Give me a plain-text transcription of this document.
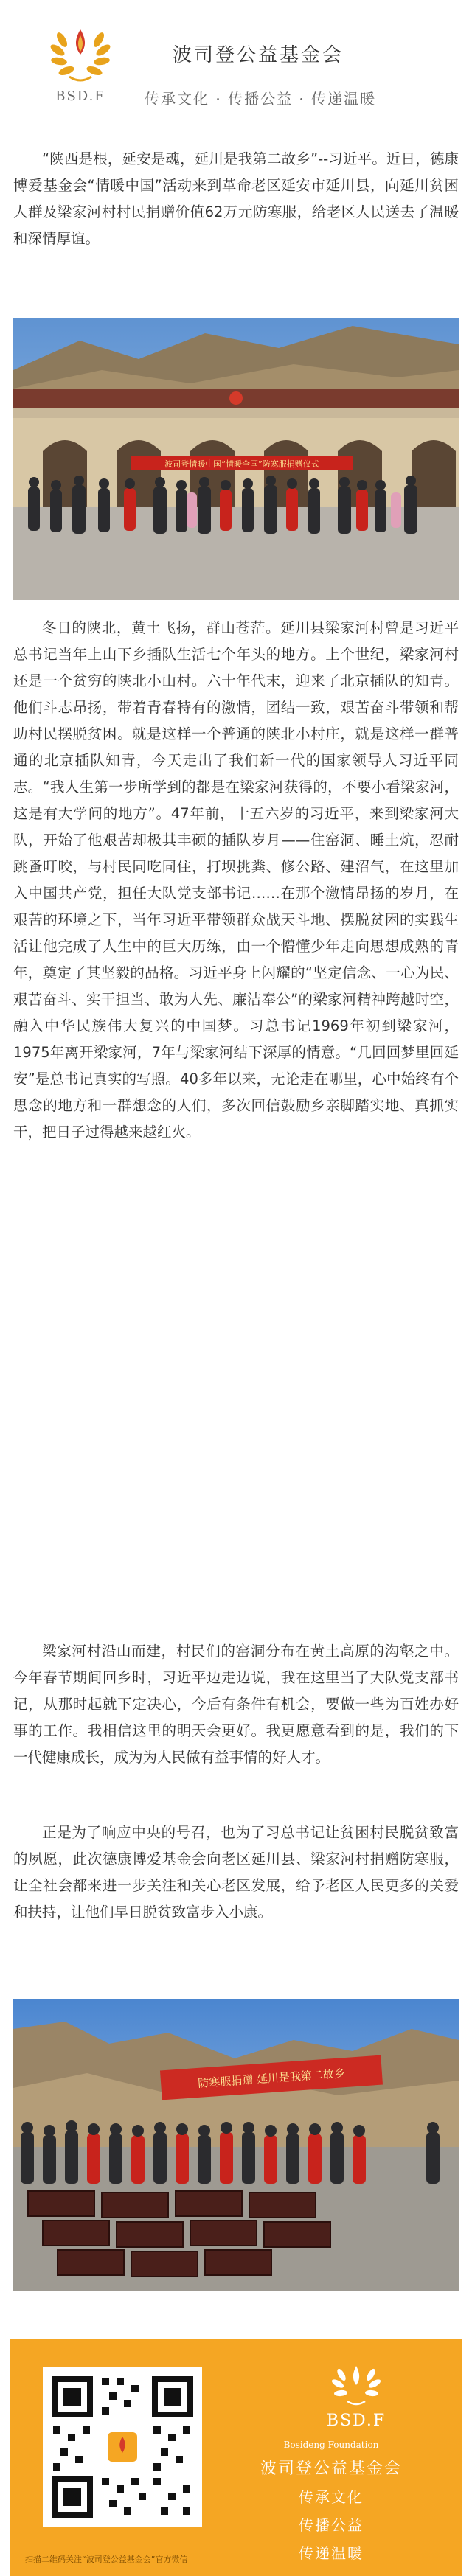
BSD.F
波司登公益基金会
传承文化 · 传播公益 · 传递温暖
“陕西是根，延安是魂，延川是我第二故乡”--习近平。近日，德康博爱基金会“情暖中国”活动来到革命老区延安市延川县，向延川贫困人群及梁家河村村民捐赠价值62万元防寒服，给老区人民送去了温暖和深情厚谊。
波司登情暖中国“情暖全国”防寒服捐赠仪式
冬日的陕北，黄土飞扬，群山苍茫。延川县梁家河村曾是习近平总书记当年上山下乡插队生活七个年头的地方。上个世纪，梁家河村还是一个贫穷的陕北小山村。六十年代末，迎来了北京插队的知青。他们斗志昂扬，带着青春特有的激情，团结一致，艰苦奋斗带领和帮助村民摆脱贫困。就是这样一个普通的陕北小村庄，就是这样一群普通的北京插队知青，今天走出了我们新一代的国家领导人习近平同志。“我人生第一步所学到的都是在梁家河获得的，不要小看梁家河，这是有大学问的地方”。47年前，十五六岁的习近平，来到梁家河大队，开始了他艰苦却极其丰硕的插队岁月——住窑洞、睡土炕，忍耐跳蚤叮咬，与村民同吃同住，打坝挑粪、修公路、建沼气，在这里加入中国共产党，担任大队党支部书记……在那个激情昂扬的岁月，在艰苦的环境之下，当年习近平带领群众战天斗地、摆脱贫困的实践生活让他完成了人生中的巨大历练，由一个懵懂少年走向思想成熟的青年，奠定了其坚毅的品格。习近平身上闪耀的“坚定信念、一心为民、艰苦奋斗、实干担当、敢为人先、廉洁奉公”的梁家河精神跨越时空，融入中华民族伟大复兴的中国梦。习总书记1969年初到梁家河，1975年离开梁家河，7年与梁家河结下深厚的情意。“几回回梦里回延安”是总书记真实的写照。40多年以来，无论走在哪里，心中始终有个思念的地方和一群想念的人们，多次回信鼓励乡亲脚踏实地、真抓实干，把日子过得越来越红火。
梁家河村沿山而建，村民们的窑洞分布在黄土高原的沟壑之中。今年春节期间回乡时，习近平边走边说，我在这里当了大队党支部书记，从那时起就下定决心，今后有条件有机会，要做一些为百姓办好事的工作。我相信这里的明天会更好。我更愿意看到的是，我们的下一代健康成长，成为为人民做有益事情的好人才。
正是为了响应中央的号召，也为了习总书记让贫困村民脱贫致富的夙愿，此次德康博爱基金会向老区延川县、梁家河村捐赠防寒服，让全社会都来进一步关注和关心老区发展，给予老区人民更多的关爱和扶持，让他们早日脱贫致富步入小康。
防寒服捐赠 延川是我第二故乡
扫描二维码关注“波司登公益基金会”官方微信
BSD.F
Bosideng Foundation
波司登公益基金会
传承文化
传播公益
传递温暖
